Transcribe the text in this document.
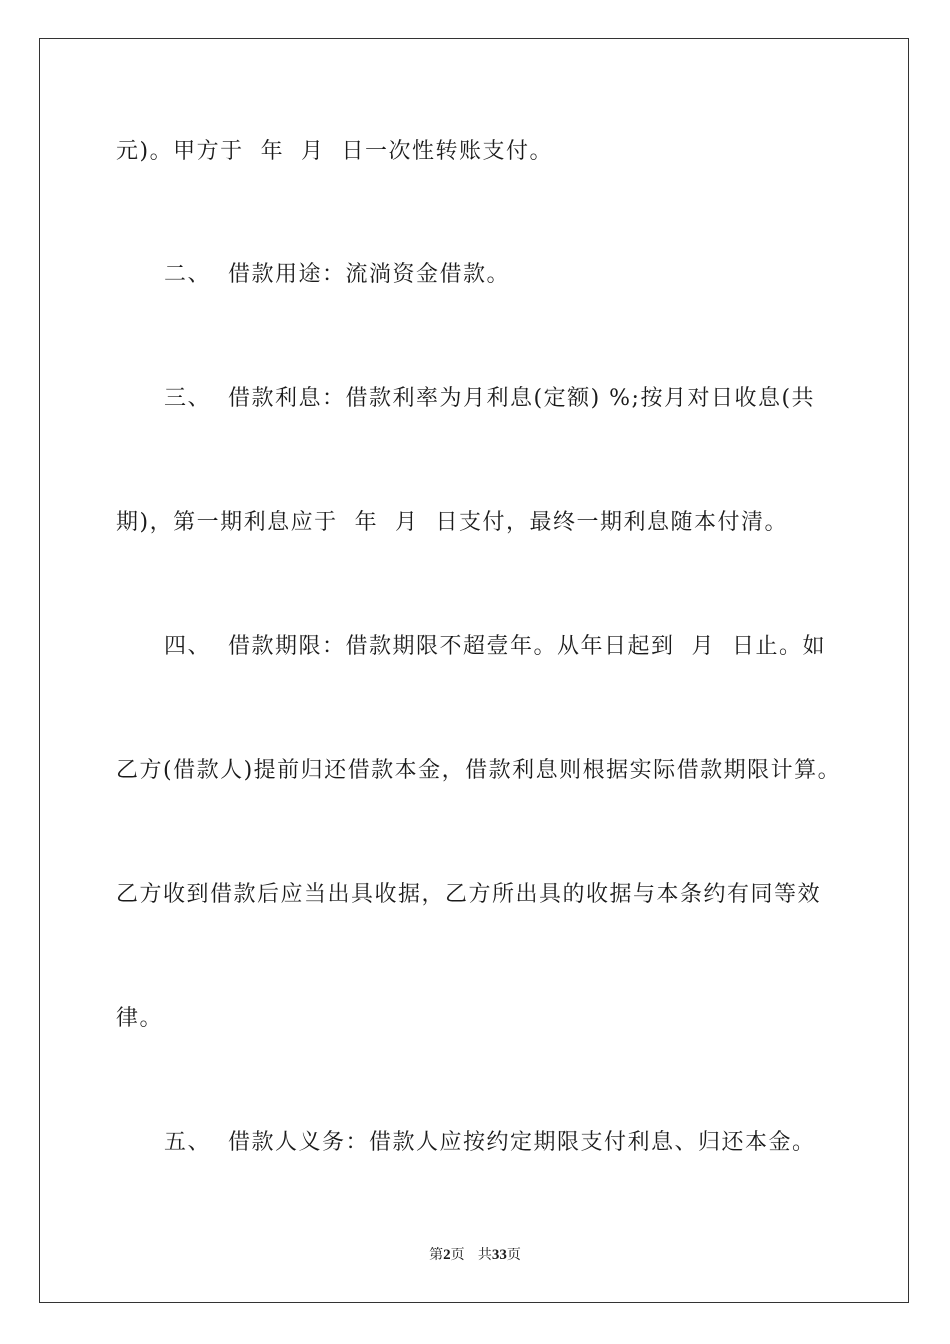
元)。甲方于  年  月  日一次性转账支付。
二、  借款用途：流淌资金借款。
三、  借款利息：借款利率为月利息(定额) %;按月对日收息(共
期)，第一期利息应于  年  月  日支付，最终一期利息随本付清。
四、  借款期限：借款期限不超壹年。从年日起到  月  日止。如
乙方(借款人)提前归还借款本金，借款利息则根据实际借款期限计算。
乙方收到借款后应当出具收据，乙方所出具的收据与本条约有同等效
律。
五、  借款人义务：借款人应按约定期限支付利息、归还本金。
第2页 共33页
